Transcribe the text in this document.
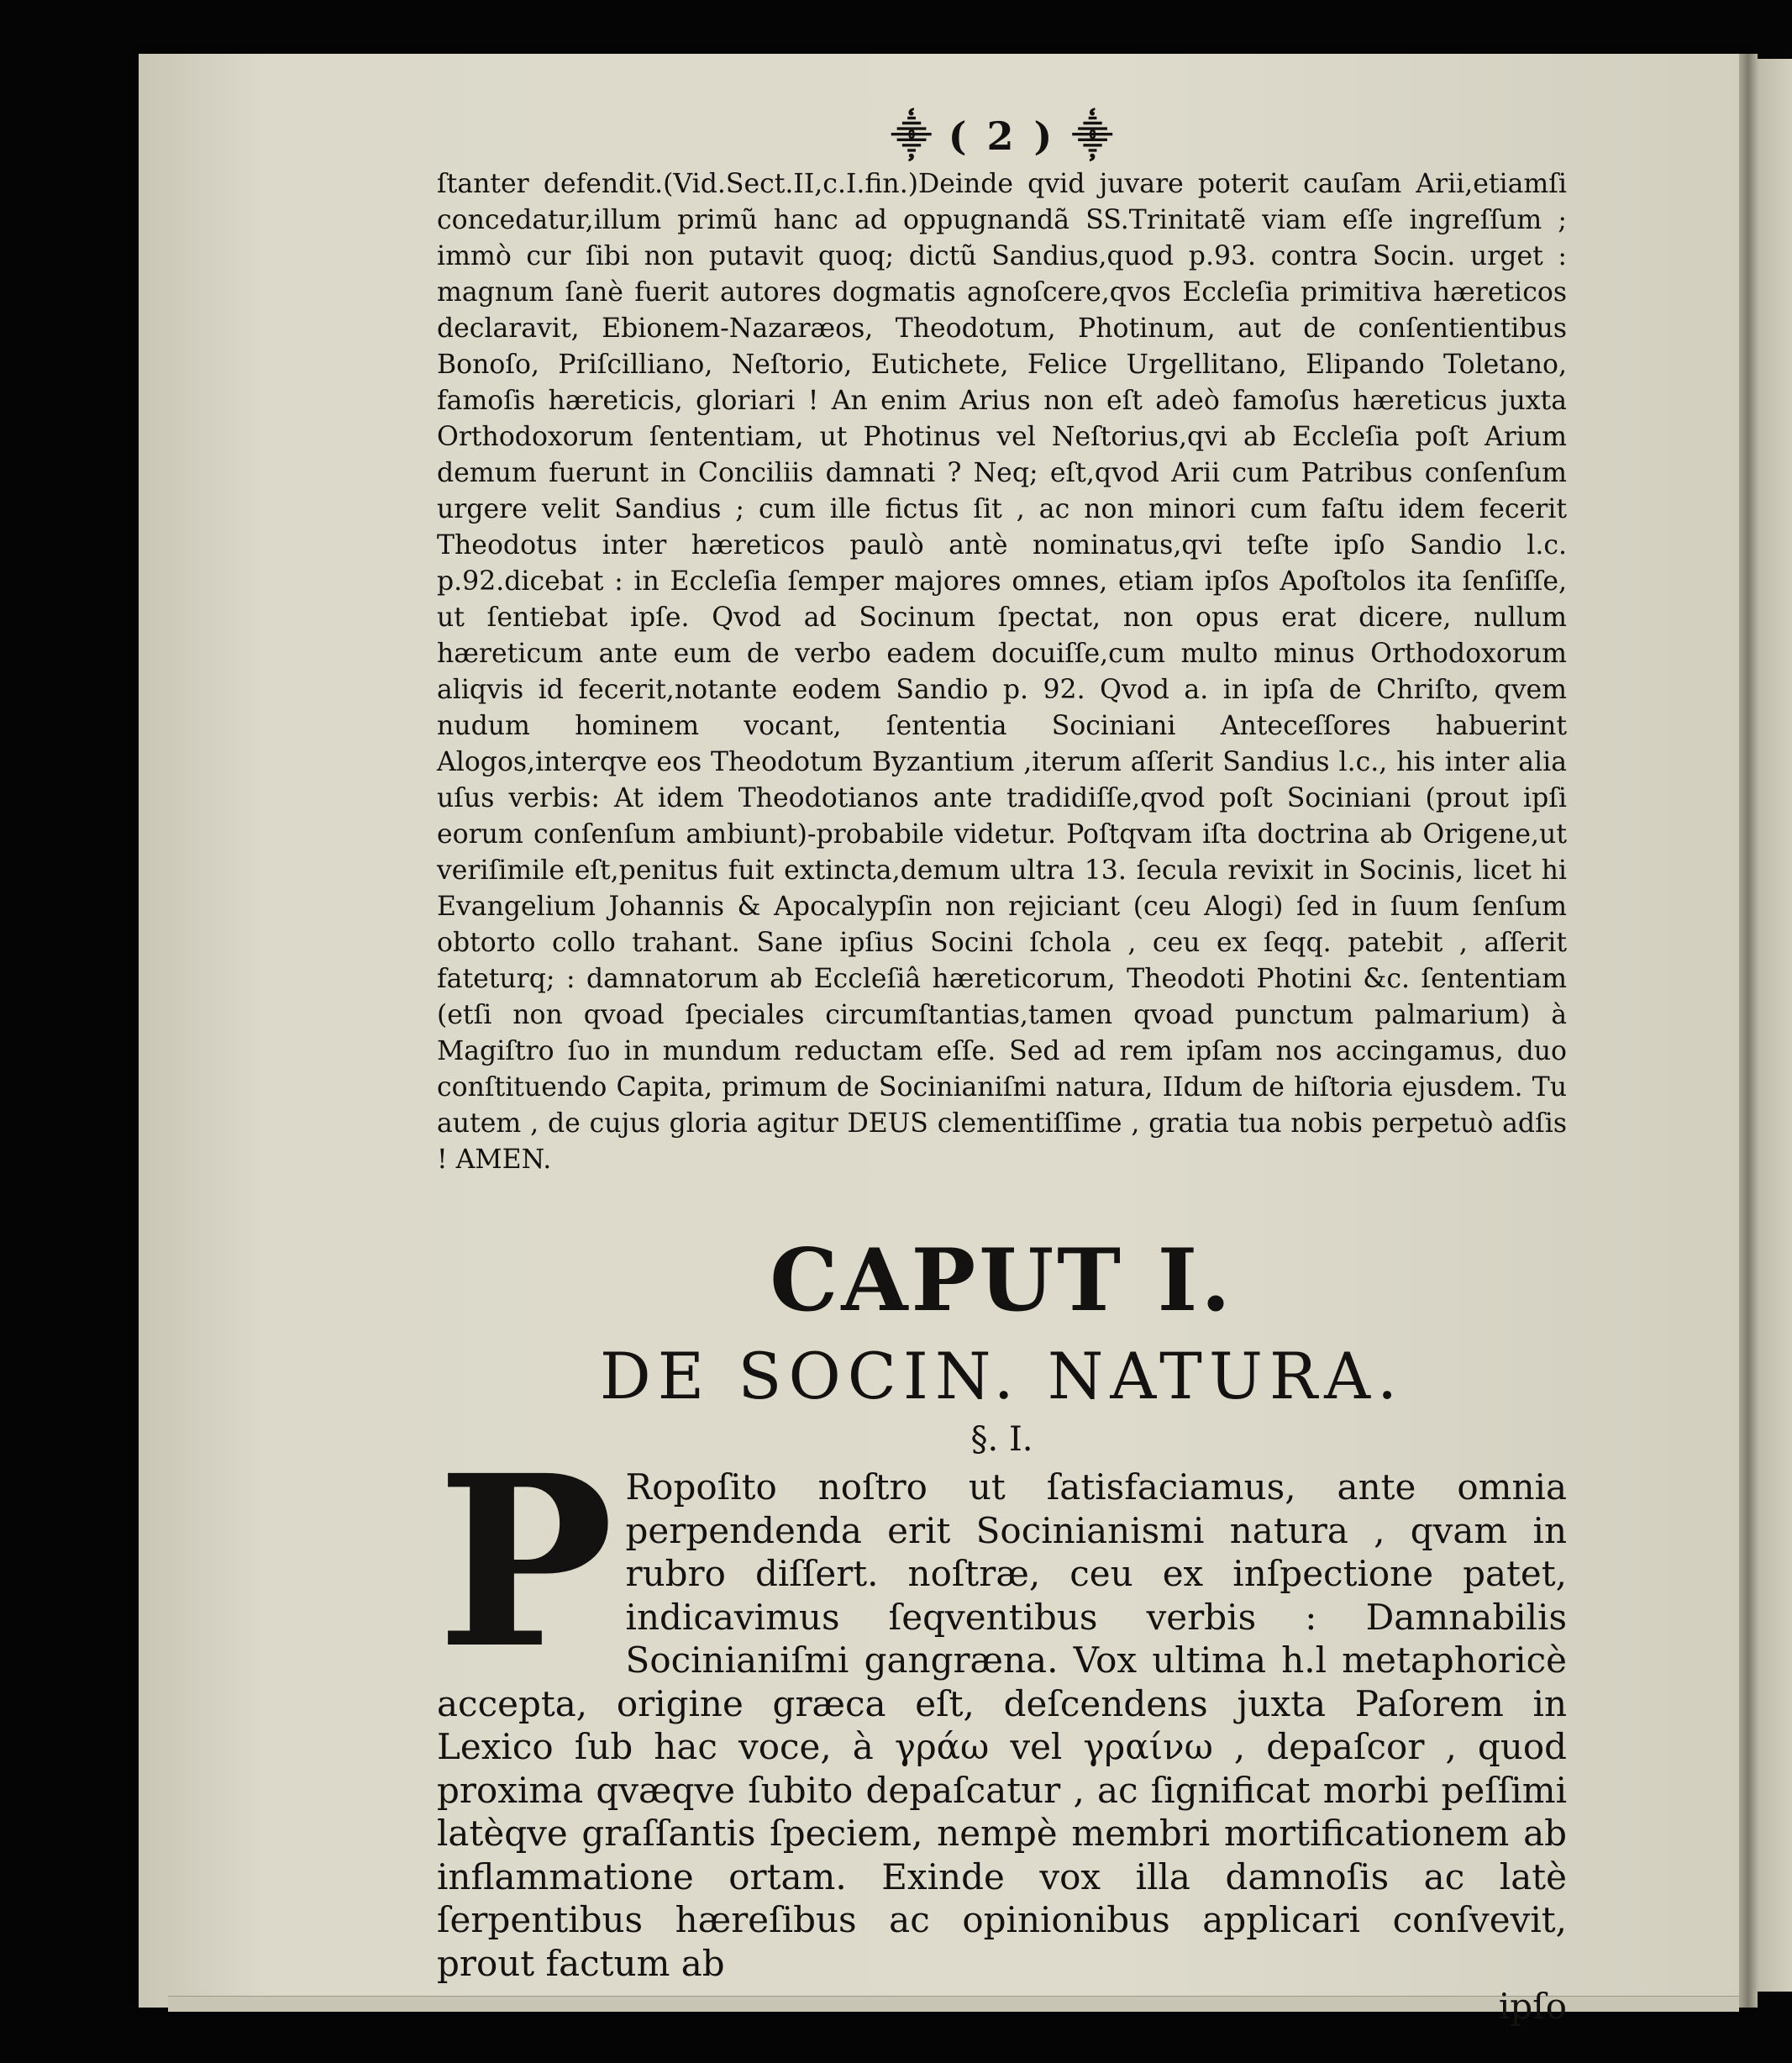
⸎ ( 2 ) ⸎

ſtanter defendit.(Vid.Sect.II,c.I.fin.)Deinde qvid juvare poterit cauſam Arii,etiamſi concedatur,illum primũ hanc ad oppugnandã SS.Trinitatẽ viam eſſe ingreſſum ; immò cur ſibi non putavit quoq; dictũ Sandius,quod p.93. contra Socin. urget : magnum ſanè fuerit autores dogmatis agnoſcere,qvos Eccleſia primitiva hæreticos declaravit, Ebionem-Nazaræos, Theodotum, Photinum, aut de conſentientibus Bonoſo, Priſcilliano, Neſtorio, Eutichete, Felice Urgellitano, Elipando Toletano, famoſis hæreticis, gloriari ! An enim Arius non eſt adeò famoſus hæreticus juxta Orthodoxorum ſententiam, ut Photinus vel Neſtorius,qvi ab Eccleſia poſt Arium demum fuerunt in Conciliis damnati ? Neq; eſt,qvod Arii cum Patribus conſenſum urgere velit Sandius ; cum ille fictus ſit , ac non minori cum faſtu idem fecerit Theodotus inter hæreticos paulò antè nominatus,qvi teſte ipſo Sandio l.c. p.92.dicebat : in Eccleſia ſemper majores omnes, etiam ipſos Apoſtolos ita ſenſiſſe, ut ſentiebat ipſe. Qvod ad Socinum ſpectat, non opus erat dicere, nullum hæreticum ante eum de verbo eadem docuiſſe,cum multo minus Orthodoxorum aliqvis id fecerit,notante eodem Sandio p. 92. Qvod a. in ipſa de Chriſto, qvem nudum hominem vocant, ſententia Sociniani Anteceſſores habuerint Alogos,interqve eos Theodotum Byzantium ,iterum aſſerit Sandius l.c., his inter alia uſus verbis: At idem Theodotianos ante tradidiſſe,qvod poſt Sociniani (prout ipſi eorum conſenſum ambiunt)-probabile videtur. Poſtqvam iſta doctrina ab Origene,ut veriſimile eſt,penitus fuit extincta,demum ultra 13. ſecula revixit in Socinis, licet hi Evangelium Johannis & Apocalypſin non rejiciant (ceu Alogi) ſed in ſuum ſenſum obtorto collo trahant. Sane ipſius Socini ſchola , ceu ex ſeqq. patebit , aſſerit fateturq; : damnatorum ab Eccleſiâ hæreticorum, Theodoti Photini &c. ſententiam (etſi non qvoad ſpeciales circumſtantias,tamen qvoad punctum palmarium) à Magiſtro ſuo in mundum reductam eſſe. Sed ad rem ipſam nos accingamus, duo conſtituendo Capita, primum de Socinianiſmi natura, IIdum de hiſtoria ejusdem. Tu autem , de cujus gloria agitur DEUS clementiſſime , gratia tua nobis perpetuò adſis ! AMEN.

CAPUT I.
DE SOCIN. NATURA.
§. I.
P Ropoſito noſtro ut ſatisfaciamus, ante omnia perpendenda erit Socinianismi natura , qvam in rubro diſſert. noſtræ, ceu ex inſpectione patet, indicavimus ſeqventibus verbis : Damnabilis Socinianiſmi gangræna. Vox ultima h.l metaphoricè accepta, origine græca eſt, deſcendens juxta Paſorem in Lexico ſub hac voce, à γράω vel γραίνω , depaſcor , quod proxima qvæqve ſubito depaſcatur , ac ſignificat morbi peſſimi latèqve graſſantis ſpeciem, nempè membri mortificationem ab inflammatione ortam. Exinde vox illa damnoſis ac latè ſerpentibus hæreſibus ac opinionibus applicari conſvevit, prout factum ab
ipſo
